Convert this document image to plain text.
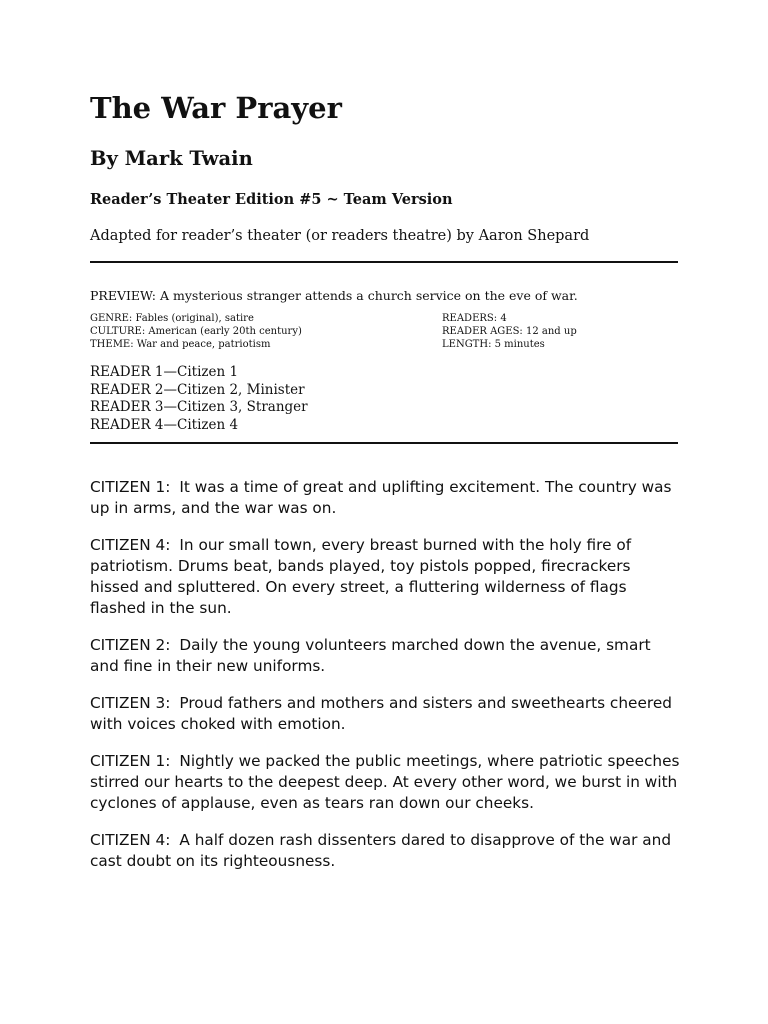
The War Prayer
By Mark Twain
Reader’s Theater Edition #5 ~ Team Version
Adapted for reader’s theater (or readers theatre) by Aaron Shepard
PREVIEW: A mysterious stranger attends a church service on the eve of war.
GENRE: Fables (original), satire
CULTURE: American (early 20th century)
THEME: War and peace, patriotism
READERS: 4
READER AGES: 12 and up
LENGTH: 5 minutes
READER 1—Citizen 1
READER 2—Citizen 2, Minister
READER 3—Citizen 3, Stranger
READER 4—Citizen 4

CITIZEN 1: It was a time of great and uplifting excitement. The country was up in arms, and the war was on.

CITIZEN 4: In our small town, every breast burned with the holy fire of patriotism. Drums beat, bands played, toy pistols popped, firecrackers hissed and spluttered. On every street, a fluttering wilderness of flags flashed in the sun.

CITIZEN 2: Daily the young volunteers marched down the avenue, smart and fine in their new uniforms.

CITIZEN 3: Proud fathers and mothers and sisters and sweethearts cheered with voices choked with emotion.

CITIZEN 1: Nightly we packed the public meetings, where patriotic speeches stirred our hearts to the deepest deep. At every other word, we burst in with cyclones of applause, even as tears ran down our cheeks.

CITIZEN 4: A half dozen rash dissenters dared to disapprove of the war and cast doubt on its righteousness.
